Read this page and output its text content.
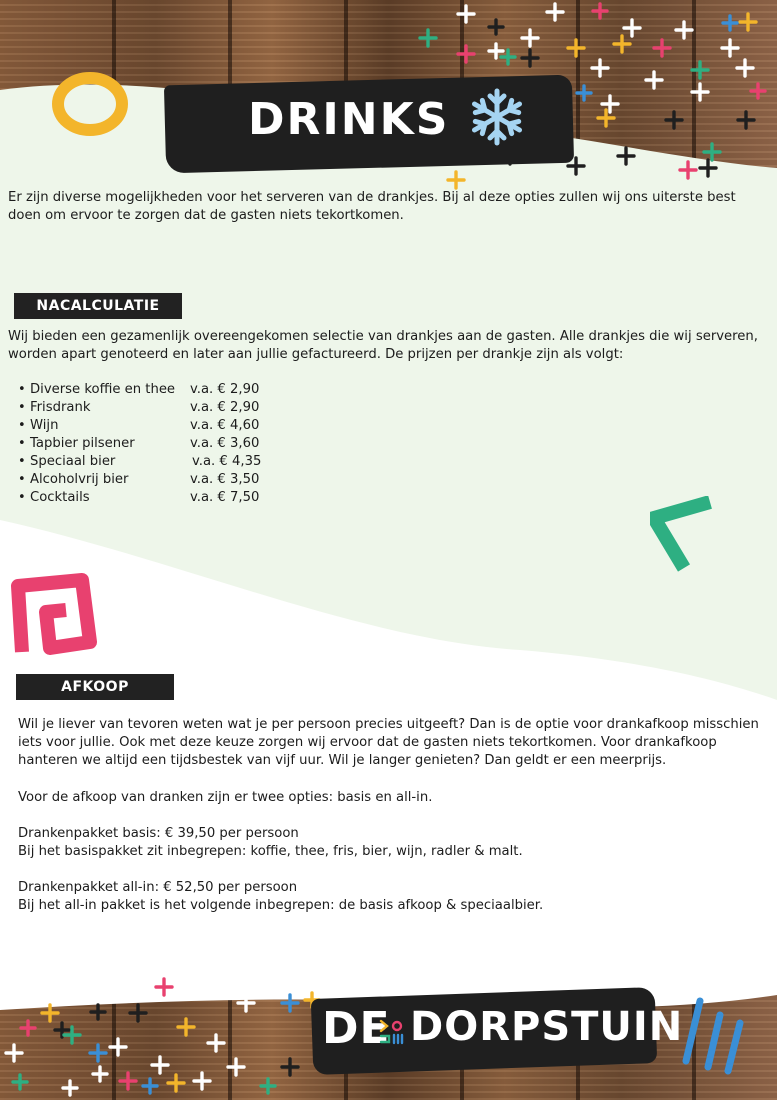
DRINKS

Er zijn diverse mogelijkheden voor het serveren van de drankjes. Bij al deze opties zullen wij ons uiterste best doen om ervoor te zorgen dat de gasten niets tekortkomen.

NACALCULATIE

Wij bieden een gezamenlijk overeengekomen selectie van drankjes aan de gasten. Alle drankjes die wij serveren, worden apart genoteerd en later aan jullie gefactureerd. De prijzen per drankje zijn als volgt:

• Diverse koffie en thee v.a. € 2,90
• Frisdrank	v.a. € 2,90
• Wijn	v.a. € 4,60
• Tapbier pilsener	v.a. € 3,60
• Speciaal bier	v.a. € 4,35
• Alcoholvrij bier	v.a. € 3,50
• Cocktails	v.a. € 7,50
AFKOOP

Wil je liever van tevoren weten wat je per persoon precies uitgeeft? Dan is de optie voor drankafkoop misschien iets voor jullie. Ook met deze keuze zorgen wij ervoor dat de gasten niets tekortkomen. Voor drankafkoop hanteren we altijd een tijdsbestek van vijf uur. Wil je langer genieten? Dan geldt er een meerprijs.

Voor de afkoop van dranken zijn er twee opties: basis en all-in.

Drankenpakket basis: € 39,50 per persoon

Bij het basispakket zit inbegrepen: koffie, thee, fris, bier, wijn, radler & malt.

Drankenpakket all-in: € 52,50 per persoon

Bij het all-in pakket is het volgende inbegrepen: de basis afkoop & speciaalbier.

DE DORPSTUIN
